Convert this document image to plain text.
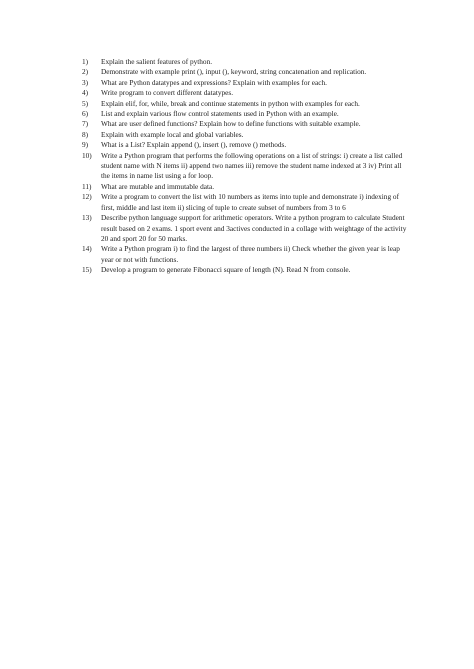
1)	Explain the salient features of python.
2)	Demonstrate with example print (), input (), keyword, string concatenation and replication.
3)	What are Python datatypes and expressions? Explain with examples for each.
4)	Write program to convert different datatypes.
5)	Explain elif, for, while, break and continue statements in python with examples for each.
6)	List and explain various flow control statements used in Python with an example.
7)	What are user defined functions? Explain how to define functions with suitable example.
8)	Explain with example local and global variables.
9)	What is a List? Explain append (), insert (), remove () methods.
10)	Write a Python program that performs the following operations on a list of strings: i) create a list called student name with N items ii) append two names iii) remove the student name indexed at 3 iv) Print all the items in name list using a for loop.
11)	What are mutable and immutable data.
12)	Write a program to convert the list with 10 numbers as items into tuple and demonstrate i) indexing of first, middle and last item ii) slicing of tuple to create subset of numbers from 3 to 6
13)	Describe python language support for arithmetic operators. Write a python program to calculate Student result based on 2 exams. 1 sport event and 3actives conducted in a collage with weightage of the activity 20 and sport 20 for 50 marks.
14)	Write a Python program i) to find the largest of three numbers ii) Check whether the given year is leap year or not with functions.
15)	Develop a program to generate Fibonacci square of length (N). Read N from console.
